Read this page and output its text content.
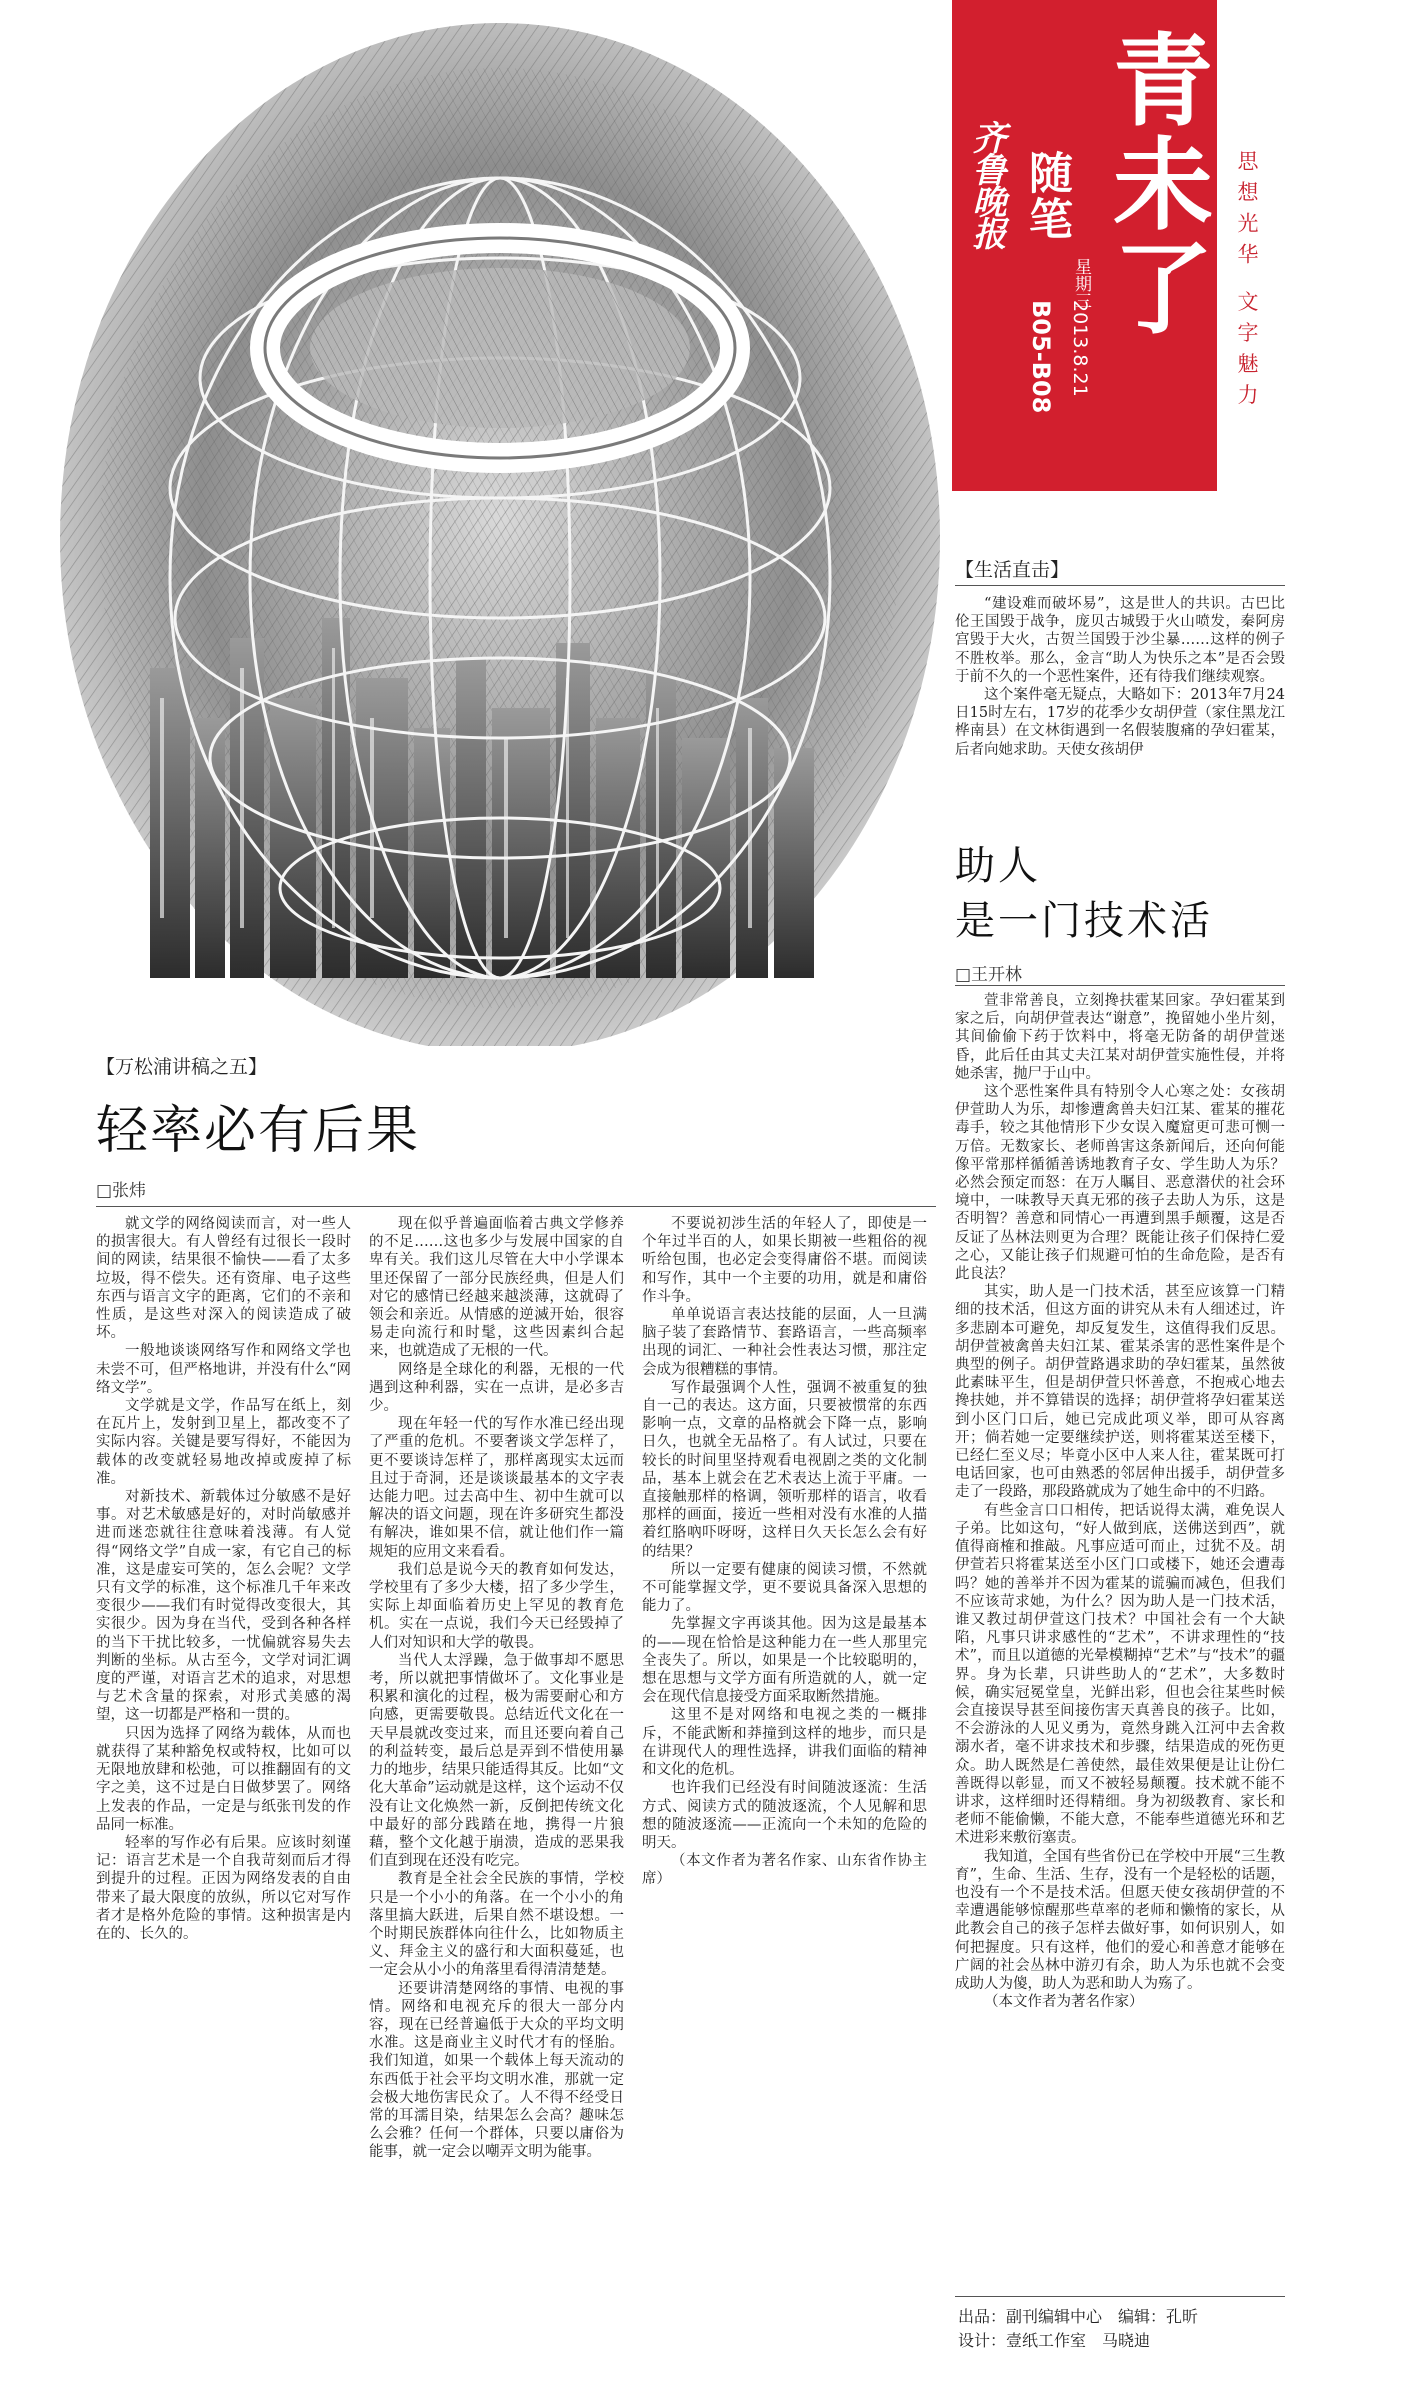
青未了
齐鲁晚报 随笔
星期三
2013.8.21
B05-B08	思想光华 文字魅力
【万松浦讲稿之五】
轻率必有后果
□张炜

就文学的网络阅读而言，对一些人的损害很大。有人曾经有过很长一段时间的网读，结果很不愉快——看了太多垃圾，得不偿失。还有资扉、电子这些东西与语言文字的距离，它们的不亲和性质，是这些对深入的阅读造成了破坏。

一般地谈谈网络写作和网络文学也未尝不可，但严格地讲，并没有什么“网络文学”。

文学就是文学，作品写在纸上，刻在瓦片上，发射到卫星上，都改变不了实际内容。关键是要写得好，不能因为载体的改变就轻易地改掉或废掉了标准。

对新技术、新载体过分敏感不是好事。对艺术敏感是好的，对时尚敏感并进而迷恋就往往意味着浅薄。有人觉得“网络文学”自成一家，有它自己的标准，这是虚妄可笑的，怎么会呢？文学只有文学的标准，这个标准几千年来改变很少——我们有时觉得改变很大，其实很少。因为身在当代，受到各种各样的当下干扰比较多，一忧偏就容易失去判断的坐标。从古至今，文学对词汇调度的严谨，对语言艺术的追求，对思想与艺术含量的探索，对形式美感的渴望，这一切都是严格和一贯的。

只因为选择了网络为载体，从而也就获得了某种豁免权或特权，比如可以无限地放肆和松弛，可以推翻固有的文字之美，这不过是白日做梦罢了。网络上发表的作品，一定是与纸张刊发的作品同一标准。

轻率的写作必有后果。应该时刻谨记：语言艺术是一个自我苛刻而后才得到提升的过程。正因为网络发表的自由带来了最大限度的放纵，所以它对写作者才是格外危险的事情。这种损害是内在的、长久的。

现在似乎普遍面临着古典文学修养的不足……这也多少与发展中国家的自卑有关。我们这儿尽管在大中小学课本里还保留了一部分民族经典，但是人们对它的感情已经越来越淡薄，这就碍了领会和亲近。从情感的逆滅开始，很容易走向流行和时髦，这些因素纠合起来，也就造成了无根的一代。

网络是全球化的利器，无根的一代遇到这种利器，实在一点讲，是必多吉少。

现在年轻一代的写作水准已经出现了严重的危机。不要奢谈文学怎样了，更不要谈诗怎样了，那样离现实太远而且过于奇洞，还是谈谈最基本的文字表达能力吧。过去高中生、初中生就可以解决的语文问题，现在许多研究生都没有解决，谁如果不信，就让他们作一篇规矩的应用文来看看。

我们总是说今天的教育如何发达，学校里有了多少大楼，招了多少学生，实际上却面临着历史上罕见的教育危机。实在一点说，我们今天已经毁掉了人们对知识和大学的敬畏。

当代人太浮躁，急于做事却不愿思考，所以就把事情做坏了。文化事业是积累和演化的过程，极为需要耐心和方向感，更需要敬畏。总结近代文化在一天早晨就改变过来，而且还要向着自己的利益转变，最后总是弄到不惜使用暴力的地步，结果只能适得其反。比如“文化大革命”运动就是这样，这个运动不仅没有让文化焕然一新，反倒把传统文化中最好的部分践踏在地，携得一片狼藉，整个文化越于崩溃，造成的恶果我们直到现在还没有吃完。

教育是全社会全民族的事情，学校只是一个小小的角落。在一个小小的角落里搞大跃进，后果自然不堪设想。一个时期民族群体向往什么，比如物质主义、拜金主义的盛行和大面积蔓延，也一定会从小小的角落里看得清清楚楚。

还要讲清楚网络的事情、电视的事情。网络和电视充斥的很大一部分内容，现在已经普遍低于大众的平均文明水准。这是商业主义时代才有的怪胎。我们知道，如果一个载体上每天流动的东西低于社会平均文明水准，那就一定会极大地伤害民众了。人不得不经受日常的耳濡目染，结果怎么会高？趣味怎么会雅？任何一个群体，只要以庸俗为能事，就一定会以嘲弄文明为能事。

不要说初涉生活的年轻人了，即使是一个年过半百的人，如果长期被一些粗俗的视听给包围，也必定会变得庸俗不堪。而阅读和写作，其中一个主要的功用，就是和庸俗作斗争。

单单说语言表达技能的层面，人一旦满脑子装了套路情节、套路语言，一些高频率出现的词汇、一种社会性表达习惯，那注定会成为很糟糕的事情。

写作最强调个人性，强调不被重复的独自一己的表达。这方面，只要被惯常的东西影响一点，文章的品格就会下降一点，影响日久，也就全无品格了。有人试过，只要在较长的时间里坚持观看电视剧之类的文化制品，基本上就会在艺术表达上流于平庸。一直接触那样的格调，领听那样的语言，收看那样的画面，接近一些相对没有水准的人描着红胳吶吓呀呀，这样日久天长怎么会有好的结果？

所以一定要有健康的阅读习惯，不然就不可能掌握文学，更不要说具备深入思想的能力了。

先掌握文字再谈其他。因为这是最基本的——现在恰恰是这种能力在一些人那里完全丧失了。所以，如果是一个比较聪明的，想在思想与文学方面有所造就的人，就一定会在现代信息接受方面采取断然措施。

这里不是对网络和电视之类的一概排斥，不能武断和莽撞到这样的地步，而只是在讲现代人的理性选择，讲我们面临的精神和文化的危机。

也许我们已经没有时间随波逐流：生活方式、阅读方式的随波逐流，个人见解和思想的随波逐流——正流向一个未知的危险的明天。

（本文作者为著名作家、山东省作协主席）

【生活直击】

“建设难而破坏易”，这是世人的共识。古巴比伦王国毁于战争，庞贝古城毁于火山喷发，秦阿房宫毁于大火，古贺兰国毁于沙尘暴……这样的例子不胜枚举。那么，金言“助人为快乐之本”是否会毁于前不久的一个恶性案件，还有待我们继续观察。

这个案件毫无疑点，大略如下：2013年7月24日15时左右，17岁的花季少女胡伊萱（家住黑龙江桦南县）在文林街遇到一名假装腹痛的孕妇霍某，后者向她求助。天使女孩胡伊

助人
是一门技术活
□王开林

萱非常善良，立刻搀扶霍某回家。孕妇霍某到家之后，向胡伊萱表达“谢意”，挽留她小坐片刻，其间偷偷下药于饮料中，将毫无防备的胡伊萱迷昏，此后任由其丈夫江某对胡伊萱实施性侵，并将她杀害，抛尸于山中。

这个恶性案件具有特别令人心寒之处：女孩胡伊萱助人为乐，却惨遭禽兽夫妇江某、霍某的摧花毒手，较之其他情形下少女误入魔窟更可悲可恻一万倍。无数家长、老师兽害这条新闻后，还向何能像平常那样循循善诱地教育子女、学生助人为乐？必然会预定而怒：在万人瞩目、恶意潜伏的社会环境中，一味教导天真无邪的孩子去助人为乐，这是否明智？善意和同情心一再遭到黑手颠覆，这是否反证了丛林法则更为合理？既能让孩子们保持仁爱之心，又能让孩子们规避可怕的生命危险，是否有此良法？

其实，助人是一门技术活，甚至应该算一门精细的技术活，但这方面的讲究从未有人细述过，许多悲剧本可避免，却反复发生，这值得我们反思。胡伊萱被禽兽夫妇江某、霍某杀害的恶性案件是个典型的例子。胡伊萱路遇求助的孕妇霍某，虽然彼此素昧平生，但是胡伊萱只怀善意，不抱戒心地去搀扶她，并不算错误的选择；胡伊萱将孕妇霍某送到小区门口后，她已完成此项义举，即可从容离开；倘若她一定要继续护送，则将霍某送至楼下，已经仁至义尽；毕竟小区中人来人往，霍某既可打电话回家，也可由熟悉的邻居伸出援手，胡伊萱多走了一段路，那段路就成为了她生命中的不归路。

有些金言口口相传，把话说得太满，难免误人子弟。比如这句，“好人做到底，送佛送到西”，就值得商榷和推敲。凡事应适可而止，过犹不及。胡伊萱若只将霍某送至小区门口或楼下，她还会遭毒吗？她的善举并不因为霍某的谎骗而减色，但我们不应该苛求她，为什么？因为助人是一门技术活，谁又教过胡伊萱这门技术？中国社会有一个大缺陷，凡事只讲求感性的“艺术”，不讲求理性的“技术”，而且以道德的光晕模糊掉“艺术”与“技术”的疆界。身为长辈，只讲些助人的“艺术”，大多数时候，确实冠冕堂皇，光鲜出彩，但也会往某些时候会直接误导甚至间接伤害天真善良的孩子。比如，不会游泳的人见义勇为，竟然身跳入江河中去舍救溺水者，毫不讲求技术和步骤，结果造成的死伤更众。助人既然是仁善使然，最佳效果便是让让份仁善既得以彰显，而又不被轻易颠覆。技术就不能不讲求，这样细时还得精细。身为初级教育、家长和老师不能偷懒，不能大意，不能奉些道德光环和艺术进彩来敷衍塞责。

我知道，全国有些省份已在学校中开展“三生教育”，生命、生活、生存，没有一个是轻松的话题，也没有一个不是技术活。但愿天使女孩胡伊萱的不幸遭遇能够惊醒那些草率的老师和懒惰的家长，从此教会自己的孩子怎样去做好事，如何识别人，如何把握度。只有这样，他们的爱心和善意才能够在广阔的社会丛林中游刃有余，助人为乐也就不会变成助人为傻，助人为恶和助人为殇了。

（本文作者为著名作家）

出品：副刊编辑中心　编辑：孔昕
设计：壹纸工作室　马晓迪
